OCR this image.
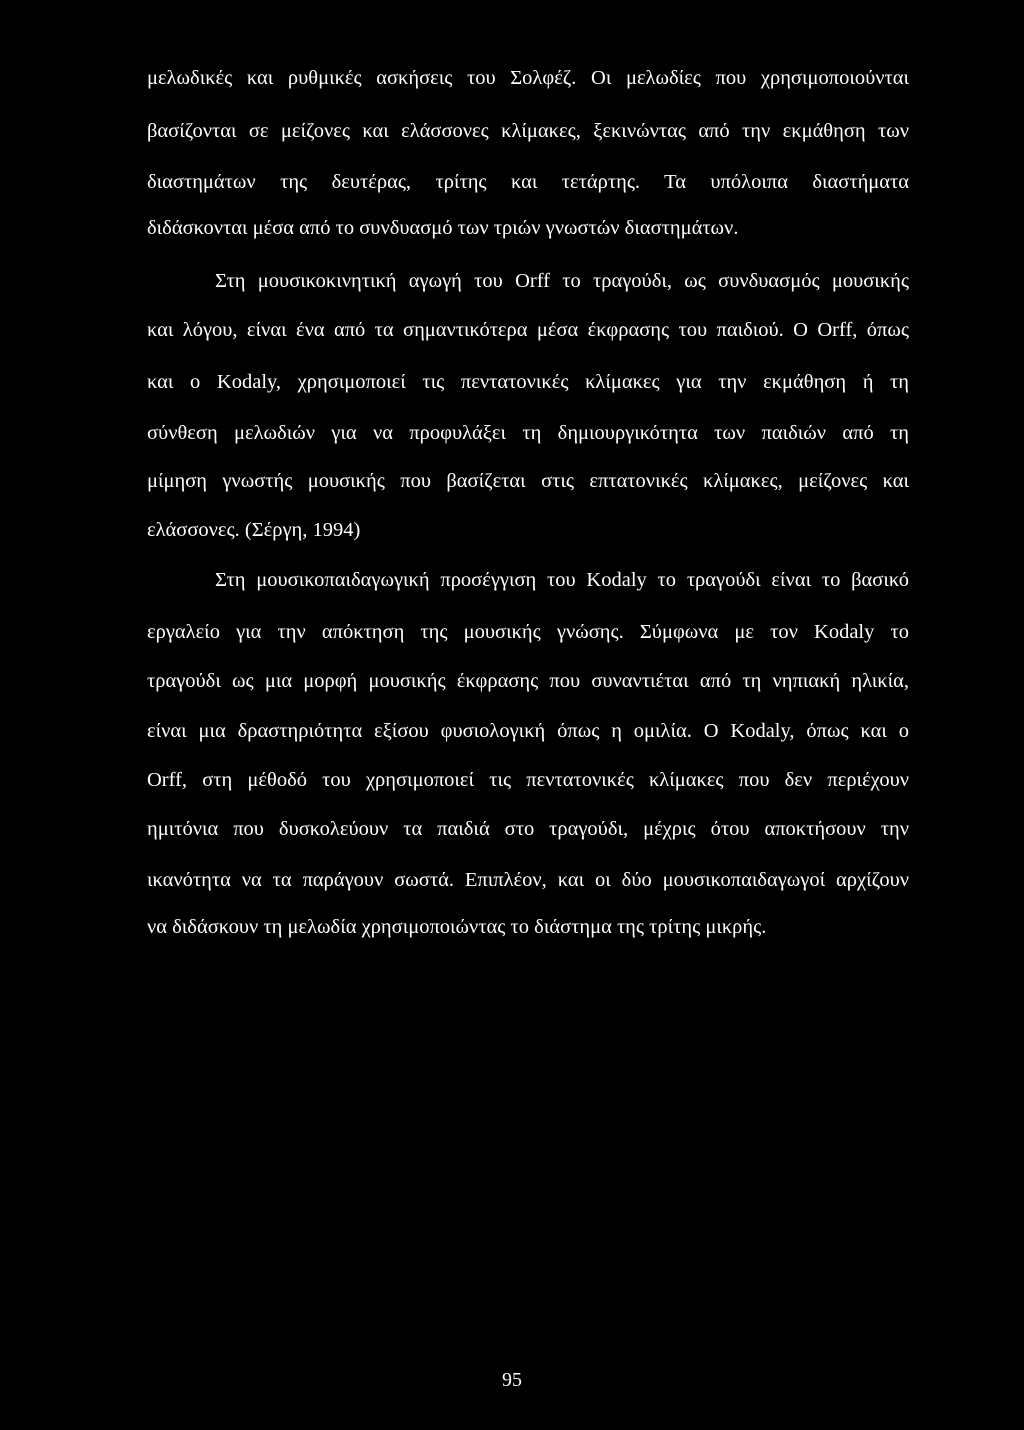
μελωδικές και ρυθμικές ασκήσεις του Σολφέζ. Οι μελωδίες που χρησιμοποιούνται
βασίζονται σε μείζονες και ελάσσονες κλίμακες, ξεκινώντας από την εκμάθηση των
διαστημάτων της δευτέρας, τρίτης και τετάρτης. Τα υπόλοιπα διαστήματα
διδάσκονται μέσα από το συνδυασμό των τριών γνωστών διαστημάτων.
Στη μουσικοκινητική αγωγή του Orff το τραγούδι, ως συνδυασμός μουσικής
και λόγου, είναι ένα από τα σημαντικότερα μέσα έκφρασης του παιδιού. Ο Orff, όπως
και ο Kodaly, χρησιμοποιεί τις πεντατονικές κλίμακες για την εκμάθηση ή τη
σύνθεση μελωδιών για να προφυλάξει τη δημιουργικότητα των παιδιών από τη
μίμηση γνωστής μουσικής που βασίζεται στις επτατονικές κλίμακες, μείζονες και
ελάσσονες. (Σέργη, 1994)
Στη μουσικοπαιδαγωγική προσέγγιση του Kodaly το τραγούδι είναι το βασικό
εργαλείο για την απόκτηση της μουσικής γνώσης. Σύμφωνα με τον Kodaly το
τραγούδι ως μια μορφή μουσικής έκφρασης που συναντιέται από τη νηπιακή ηλικία,
είναι μια δραστηριότητα εξίσου φυσιολογική όπως η ομιλία. Ο Kodaly, όπως και ο
Orff, στη μέθοδό του χρησιμοποιεί τις πεντατονικές κλίμακες που δεν περιέχουν
ημιτόνια που δυσκολεύουν τα παιδιά στο τραγούδι, μέχρις ότου αποκτήσουν την
ικανότητα να τα παράγουν σωστά. Επιπλέον, και οι δύο μουσικοπαιδαγωγοί αρχίζουν
να διδάσκουν τη μελωδία χρησιμοποιώντας το διάστημα της τρίτης μικρής.
95
